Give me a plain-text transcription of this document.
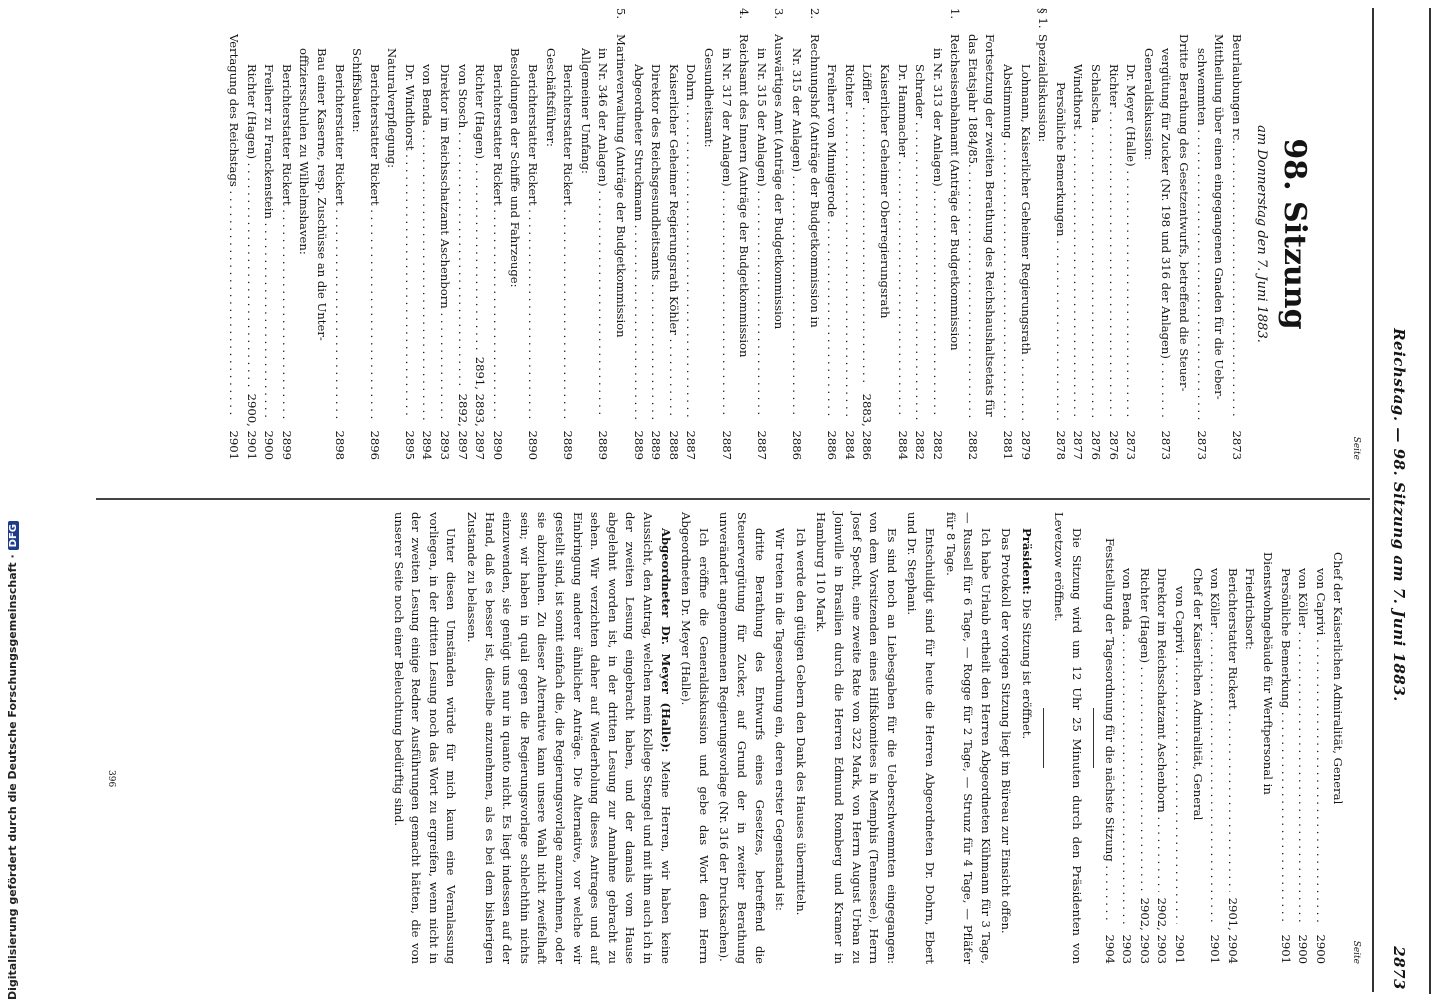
Digitalisierung gefördert durch die Deutsche Forschungsgemeinschaft ·DFG	Reichstag. — 98. Sitzung am 7. Juni 1883.
2873
Seite
98. Sitzung
am Donnerstag den 7. Juni 1883.
Beurlaubungen rc. . . .
2873
Mittheilung über einen eingegangenen Gnaden für die Ueber-
schwemmten . . .
2873
Dritte Berathung des Gesetzentwurfs, betreffend die Steuer-
vergütung für Zucker (Nr. 198 und 316 der Anlagen) . . .
2873
Generaldiskussion:
Dr. Meyer (Halle) . . .
2873
Richter . . .
2876
Schalscha . . .
2876
Windthorst . . .
2877
Persönliche Bemerkungen . . .
2878
§ 1.
Spezialdiskussion:
Lohmann, Kaiserlicher Geheimer Regierungsrath . . .
2879
Abstimmung . . .
2881
Fortsetzung der zweiten Berathung des Reichshaushaltsetats für
das Etatsjahr 1884/85. . . .
2882
1.
Reichseisenbahnamt (Anträge der Budgetkommission
in Nr. 313 der Anlagen) . . .
2882
Schrader . . .
2882
Dr. Hammacher . . .
2884
Kaiserlicher Geheimer Oberregierungsrath
Löffler . . .
2883, 2886
Richter . . .
2884
Freiherr von Minnigerode . . .
2886
2.
Rechnungshof (Anträge der Budgetkommission in
Nr. 315 der Anlagen) . . .
2886
3.
Auswärtiges Amt (Anträge der Budgetkommission
in Nr. 315 der Anlagen) . . .
2887
4.
Reichsamt des Innern (Anträge der Budgetkommission
in Nr. 317 der Anlagen) . . .
2887
Gesundheitsamt:
Dohrn . . .
2887
Kaiserlicher Geheimer Regierungsrath Köhler . . .
2888
Direktor des Reichsgesundheitsamts . . .
2889
Abgeordneter Struckmann . . .
2889
5.
Marineverwaltung (Anträge der Budgetkommission
in Nr. 346 der Anlagen) . . .
2889
Allgemeiner Umfang:
Berichterstatter Rickert . . .
2889
Geschäftsführer:
Berichterstatter Rickert . . .
2890
Besoldungen der Schiffe und Fahrzeuge:
Berichterstatter Rickert . . .
2890
Richter (Hagen) . . .
2891, 2893, 2897
von Stosch . . .
2892, 2897
Direktor im Reichsschatzamt Aschenborn . . .
2893
von Benda . . .
2894
Dr. Windthorst . . .
2895
Naturalverpflegung:
Berichterstatter Rickert . . .
2896
Schiffsbauten:
Berichterstatter Rickert . . .
2898
Bau einer Kaserne, resp. Zuschüsse an die Unter-
offiziersschulen zu Wilhelmshaven:
Berichterstatter Rickert . . .
2899
Freiherr zu Franckenstein . . .
2900
Richter (Hagen) . . .
2900, 2901
Vertagung des Reichstags . . .
2901
Seite
Chef der Kaiserlichen Admiralität, General
von Caprivi . . .
2900
von Köller . . .
2900
Persönliche Bemerkung . . .
2901
Dienstwohngebäude für Werftpersonal in
Friedrichsort:
Berichterstatter Rickert . . .
2901, 2904
von Köller . . .
2901
Chef der Kaiserlichen Admiralität, General
von Caprivi . . .
2901
Direktor im Reichsschatzamt Aschenborn . . .
2902, 2903
Richter (Hagen) . . .
2902, 2903
von Benda . . .
2903
Feststellung der Tagesordnung für die nächste Sitzung . . .
2904

Die Sitzung wird um 12 Uhr 25 Minuten durch den Präsidenten von Levetzow eröffnet.

Präsident: Die Sitzung ist eröffnet.

Das Protokoll der vorigen Sitzung liegt im Büreau zur Einsicht offen.

Ich habe Urlaub ertheilt den Herren Abgeordneten Kühmann für 3 Tage, — Russell für 6 Tage, — Rogge für 2 Tage, — Strunz für 4 Tage, — Pfläfer für 8 Tage.

Entschuldigt sind für heute die Herren Abgeordneten Dr. Dohrn, Ebert und Dr. Stephani.

Es sind noch an Liebesgaben für die Ueberschwemmten eingegangen: von dem Vorsitzenden eines Hilfskomitees in Memphis (Tennessee), Herrn Josef Specht, eine zweite Rate von 322 Mark, von Herrn August Urban zu Joinville in Brasilien durch die Herren Edmund Romberg und Kramer in Hamburg 110 Mark.

Ich werde den gütigen Gebern den Dank des Hauses übermitteln.

Wir treten in die Tagesordnung ein, deren erster Gegenstand ist:

dritte Berathung des Entwurfs eines Gesetzes, betreffend die Steuervergütung für Zucker, auf Grund der in zweiter Berathung unverändert angenommenen Regierungsvorlage (Nr. 316 der Drucksachen).

Ich eröffne die Generaldiskussion und gebe das Wort dem Herrn Abgeordneten Dr. Meyer (Halle).

Abgeordneter Dr. Meyer (Halle): Meine Herren, wir haben keine Aussicht, den Antrag, welchen mein Kollege Stengel und mit ihm auch ich in der zweiten Lesung eingebracht haben, und der damals vom Hause abgelehnt worden ist, in der dritten Lesung zur Annahme gebracht zu sehen. Wir verzichten daher auf Wiederholung dieses Antrages und auf Einbringung anderer ähnlicher Anträge. Die Alternative, vor welche wir gestellt sind, ist somit einfach die, die Regierungsvorlage anzunehmen, oder sie abzulehnen. Zu dieser Alternative kann unsere Wahl nicht zweifelhaft sein; wir haben in quali gegen die Regierungsvorlage schlechthin nichts einzuwenden, sie genügt uns nur in quanto nicht. Es liegt indessen auf der Hand, daß es besser ist, dieselbe anzunehmen, als es bei dem bisherigen Zustande zu belassen.

Unter diesen Umständen würde für mich kaum eine Veranlassung vorliegen, in der dritten Lesung noch das Wort zu ergreifen, wenn nicht in der zweiten Lesung einige Redner Ausführungen gemacht hätten, die von unserer Seite noch einer Beleuchtung bedürftig sind.

396
